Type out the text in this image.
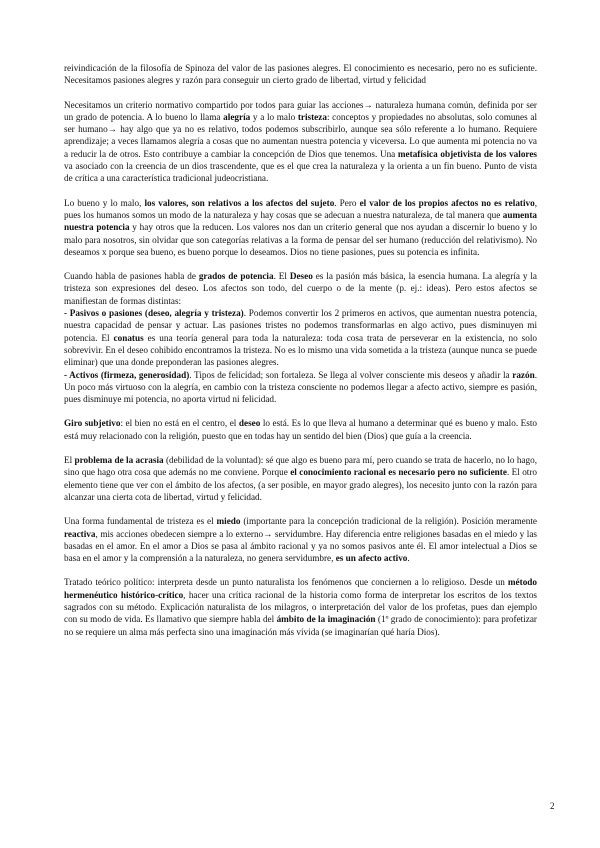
reivindicación de la filosofía de Spinoza del valor de las pasiones alegres. El conocimiento es necesario, pero no es suficiente. Necesitamos pasiones alegres y razón para conseguir un cierto grado de libertad, virtud y felicidad

Necesitamos un criterio normativo compartido por todos para guiar las acciones→ naturaleza humana común, definida por ser un grado de potencia. A lo bueno lo llama alegría y a lo malo tristeza: conceptos y propiedades no absolutas, solo comunes al ser humano→ hay algo que ya no es relativo, todos podemos subscribirlo, aunque sea sólo referente a lo humano. Requiere aprendizaje; a veces llamamos alegría a cosas que no aumentan nuestra potencia y viceversa. Lo que aumenta mi potencia no va a reducir la de otros. Esto contribuye a cambiar la concepción de Dios que tenemos. Una metafísica objetivista de los valores va asociado con la creencia de un dios trascendente, que es el que crea la naturaleza y la orienta a un fin bueno. Punto de vista de crítica a una característica tradicional judeocristiana.

Lo bueno y lo malo, los valores, son relativos a los afectos del sujeto. Pero el valor de los propios afectos no es relativo, pues los humanos somos un modo de la naturaleza y hay cosas que se adecuan a nuestra naturaleza, de tal manera que aumenta nuestra potencia y hay otros que la reducen. Los valores nos dan un criterio general que nos ayudan a discernir lo bueno y lo malo para nosotros, sin olvidar que son categorías relativas a la forma de pensar del ser humano (reducción del relativismo). No deseamos x porque sea bueno, es bueno porque lo deseamos. Dios no tiene pasiones, pues su potencia es infinita.

Cuando habla de pasiones habla de grados de potencia. El Deseo es la pasión más básica, la esencia humana. La alegría y la tristeza son expresiones del deseo. Los afectos son todo, del cuerpo o de la mente (p. ej.: ideas). Pero estos afectos se manifiestan de formas distintas:
- Pasivos o pasiones (deseo, alegría y tristeza). Podemos convertir los 2 primeros en activos, que aumentan nuestra potencia, nuestra capacidad de pensar y actuar. Las pasiones tristes no podemos transformarlas en algo activo, pues disminuyen mi potencia. El conatus es una teoría general para toda la naturaleza: toda cosa trata de perseverar en la existencia, no solo sobrevivir. En el deseo cohibido encontramos la tristeza. No es lo mismo una vida sometida a la tristeza (aunque nunca se puede eliminar) que una donde preponderan las pasiones alegres.
- Activos (firmeza, generosidad). Tipos de felicidad; son fortaleza. Se llega al volver consciente mis deseos y añadir la razón. Un poco más virtuoso con la alegría, en cambio con la tristeza consciente no podemos llegar a afecto activo, siempre es pasión, pues disminuye mi potencia, no aporta virtud ni felicidad.

Giro subjetivo: el bien no está en el centro, el deseo lo está. Es lo que lleva al humano a determinar qué es bueno y malo. Esto está muy relacionado con la religión, puesto que en todas hay un sentido del bien (Dios) que guía a la creencia.

El problema de la acrasia (debilidad de la voluntad): sé que algo es bueno para mí, pero cuando se trata de hacerlo, no lo hago, sino que hago otra cosa que además no me conviene. Porque el conocimiento racional es necesario pero no suficiente. El otro elemento tiene que ver con el ámbito de los afectos, (a ser posible, en mayor grado alegres), los necesito junto con la razón para alcanzar una cierta cota de libertad, virtud y felicidad.

Una forma fundamental de tristeza es el miedo (importante para la concepción tradicional de la religión). Posición meramente reactiva, mis acciones obedecen siempre a lo externo→ servidumbre. Hay diferencia entre religiones basadas en el miedo y las basadas en el amor. En el amor a Dios se pasa al ámbito racional y ya no somos pasivos ante él. El amor intelectual a Dios se basa en el amor y la comprensión a la naturaleza, no genera servidumbre, es un afecto activo.

Tratado teórico político: interpreta desde un punto naturalista los fenómenos que conciernen a lo religioso. Desde un método hermenéutico histórico-crítico, hacer una crítica racional de la historia como forma de interpretar los escritos de los textos sagrados con su método. Explicación naturalista de los milagros, o interpretación del valor de los profetas, pues dan ejemplo con su modo de vida. Es llamativo que siempre habla del ámbito de la imaginación (1º grado de conocimiento): para profetizar no se requiere un alma más perfecta sino una imaginación más vívida (se imaginarían qué haría Dios).

2
